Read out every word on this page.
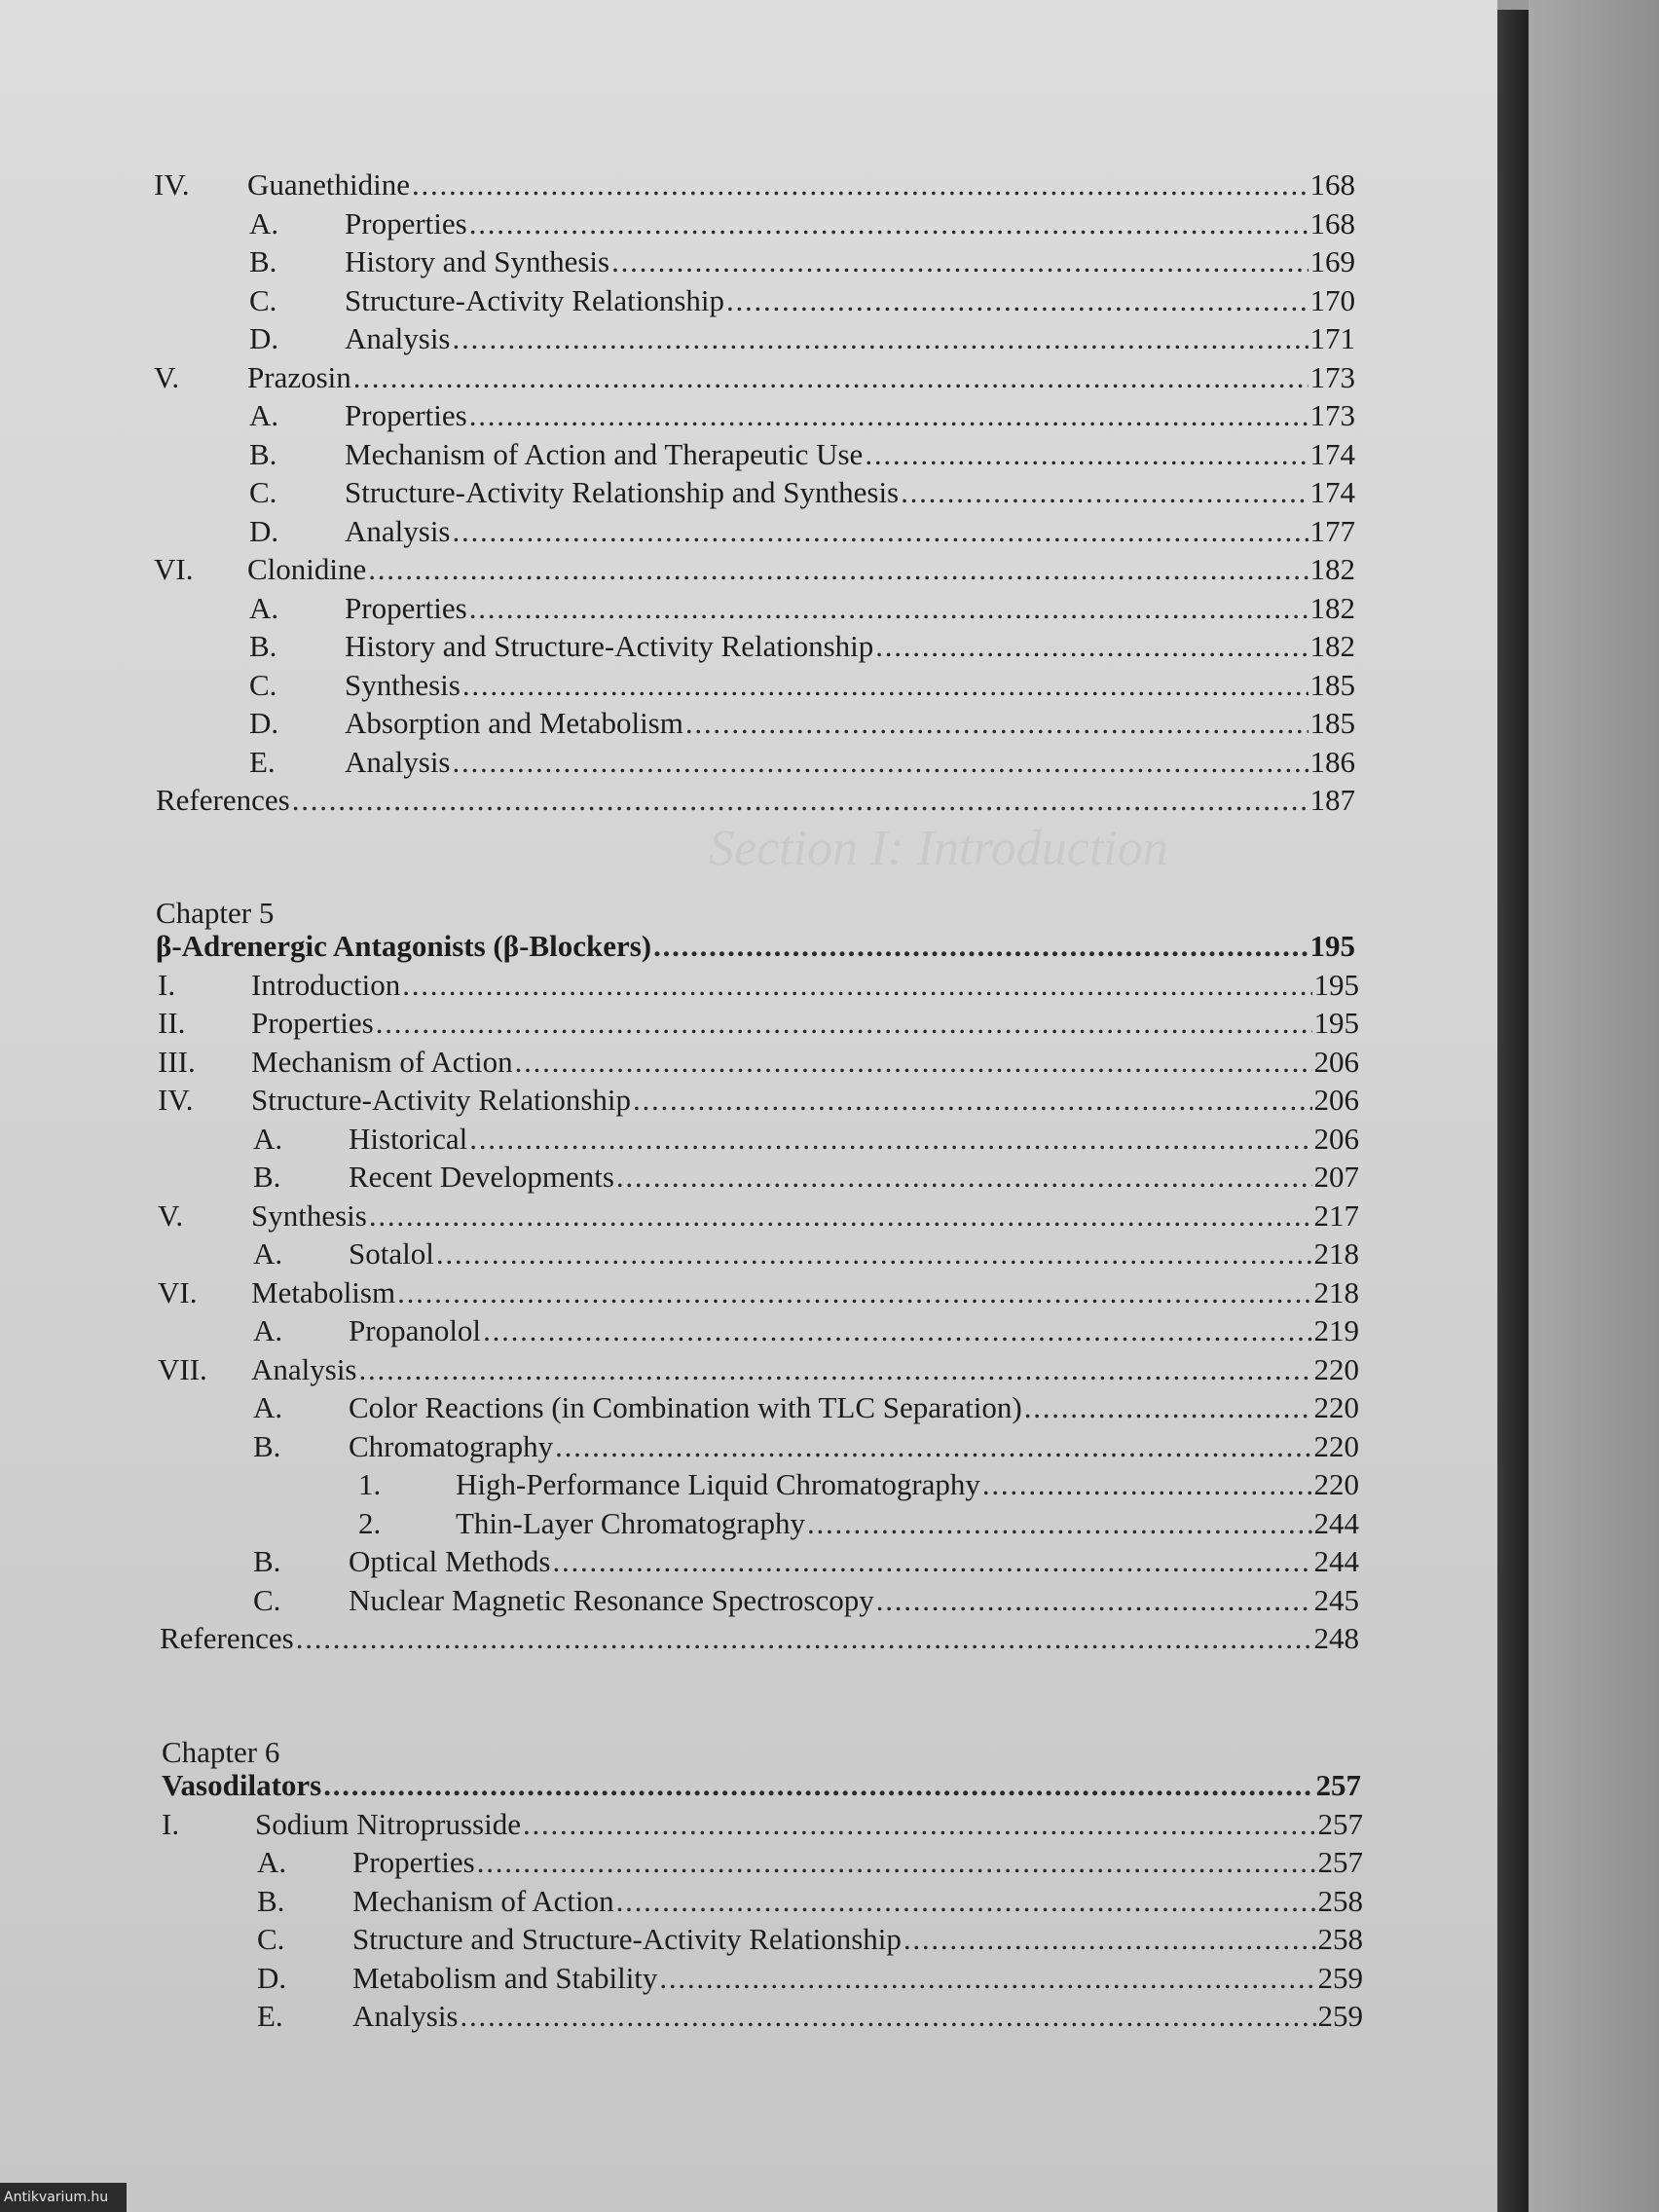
Section I: Introduction
IV.	Guanethidine . . .	168
A.	Properties . . .	168
B.	History and Synthesis . . .	169
C.	Structure-Activity Relationship . . .	170
D.	Analysis . . .	171
V.	Prazosin . . .	173
A.	Properties . . .	173
B.	Mechanism of Action and Therapeutic Use . . .	174
C.	Structure-Activity Relationship and Synthesis . . .	174
D.	Analysis . . .	177
VI.	Clonidine . . .	182
A.	Properties . . .	182
B.	History and Structure-Activity Relationship . . .	182
C.	Synthesis . . .	185
D.	Absorption and Metabolism . . .	185
E.	Analysis . . .	186
References . . .	187
Chapter 5
β-Adrenergic Antagonists (β-Blockers) . . .	195
I.	Introduction . . .	195
II.	Properties . . .	195
III.	Mechanism of Action . . .	206
IV.	Structure-Activity Relationship . . .	206
A.	Historical . . .	206
B.	Recent Developments . . .	207
V.	Synthesis . . .	217
A.	Sotalol . . .	218
VI.	Metabolism . . .	218
A.	Propanolol . . .	219
VII.	Analysis . . .	220
A.	Color Reactions (in Combination with TLC Separation) . . .	220
B.	Chromatography . . .	220
1.	High-Performance Liquid Chromatography . . .	220
2.	Thin-Layer Chromatography . . .	244
B.	Optical Methods . . .	244
C.	Nuclear Magnetic Resonance Spectroscopy . . .	245
References . . .	248
Chapter 6
Vasodilators . . .	257
I.	Sodium Nitroprusside . . .	257
A.	Properties . . .	257
B.	Mechanism of Action . . .	258
C.	Structure and Structure-Activity Relationship . . .	258
D.	Metabolism and Stability . . .	259
E.	Analysis . . .	259
Antikvarium.hu
